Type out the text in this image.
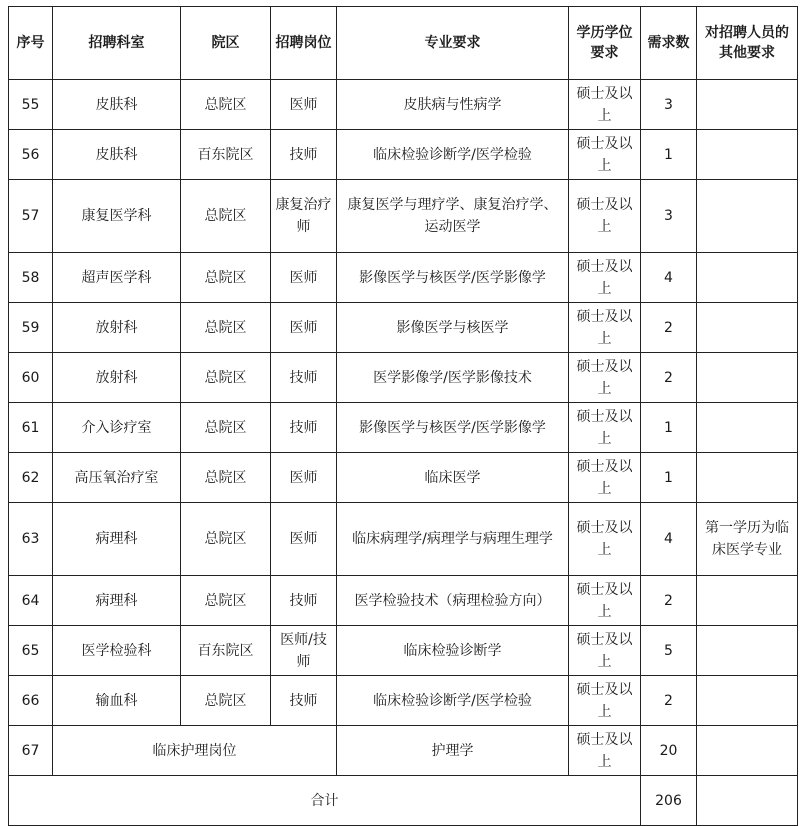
序号	招聘科室	院区	招聘岗位	专业要求	学历学位要求	需求数	对招聘人员的其他要求
55	皮肤科	总院区	医师	皮肤病与性病学	硕士及以上	3	
56	皮肤科	百东院区	技师	临床检验诊断学/医学检验	硕士及以上	1	
57	康复医学科	总院区	康复治疗师	康复医学与理疗学、康复治疗学、运动医学	硕士及以上	3	
58	超声医学科	总院区	医师	影像医学与核医学/医学影像学	硕士及以上	4	
59	放射科	总院区	医师	影像医学与核医学	硕士及以上	2	
60	放射科	总院区	技师	医学影像学/医学影像技术	硕士及以上	2	
61	介入诊疗室	总院区	技师	影像医学与核医学/医学影像学	硕士及以上	1	
62	高压氧治疗室	总院区	医师	临床医学	硕士及以上	1	
63	病理科	总院区	医师	临床病理学/病理学与病理生理学	硕士及以上	4	第一学历为临床医学专业
64	病理科	总院区	技师	医学检验技术（病理检验方向）	硕士及以上	2	
65	医学检验科	百东院区	医师/技师	临床检验诊断学	硕士及以上	5	
66	输血科	总院区	技师	临床检验诊断学/医学检验	硕士及以上	2	
67	临床护理岗位			护理学	硕士及以上	20	
合计						206	
